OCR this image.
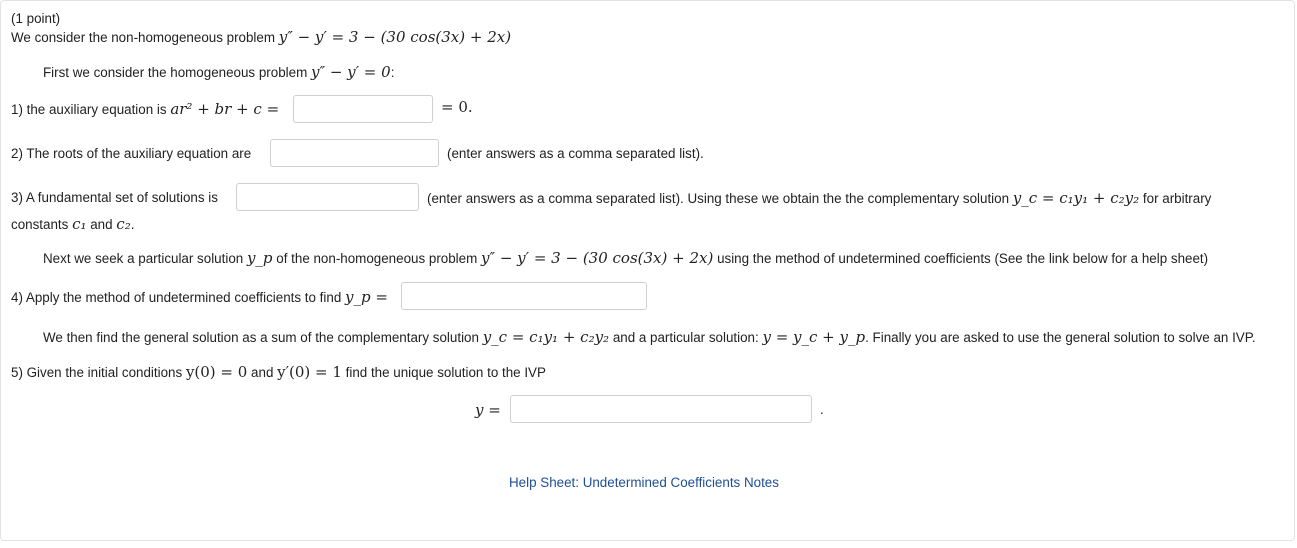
(1 point)
We consider the non-homogeneous problem y″ − y′ = 3 − (30 cos(3x) + 2x)
First we consider the homogeneous problem y″ − y′ = 0:
1) the auxiliary equation is ar² + br + c =	= 0.
2) The roots of the auxiliary equation are	(enter answers as a comma separated list).
3) A fundamental set of solutions is	(enter answers as a comma separated list). Using these we obtain the the complementary solution y_c = c₁y₁ + c₂y₂ for arbitrary
constants c₁ and c₂.
Next we seek a particular solution y_p of the non-homogeneous problem y″ − y′ = 3 − (30 cos(3x) + 2x) using the method of undetermined coefficients (See the link below for a help sheet)
4) Apply the method of undetermined coefficients to find y_p =
We then find the general solution as a sum of the complementary solution y_c = c₁y₁ + c₂y₂ and a particular solution: y = y_c + y_p. Finally you are asked to use the general solution to solve an IVP.
5) Given the initial conditions y(0) = 0 and y′(0) = 1 find the unique solution to the IVP
y =	.
Help Sheet: Undetermined Coefficients Notes
